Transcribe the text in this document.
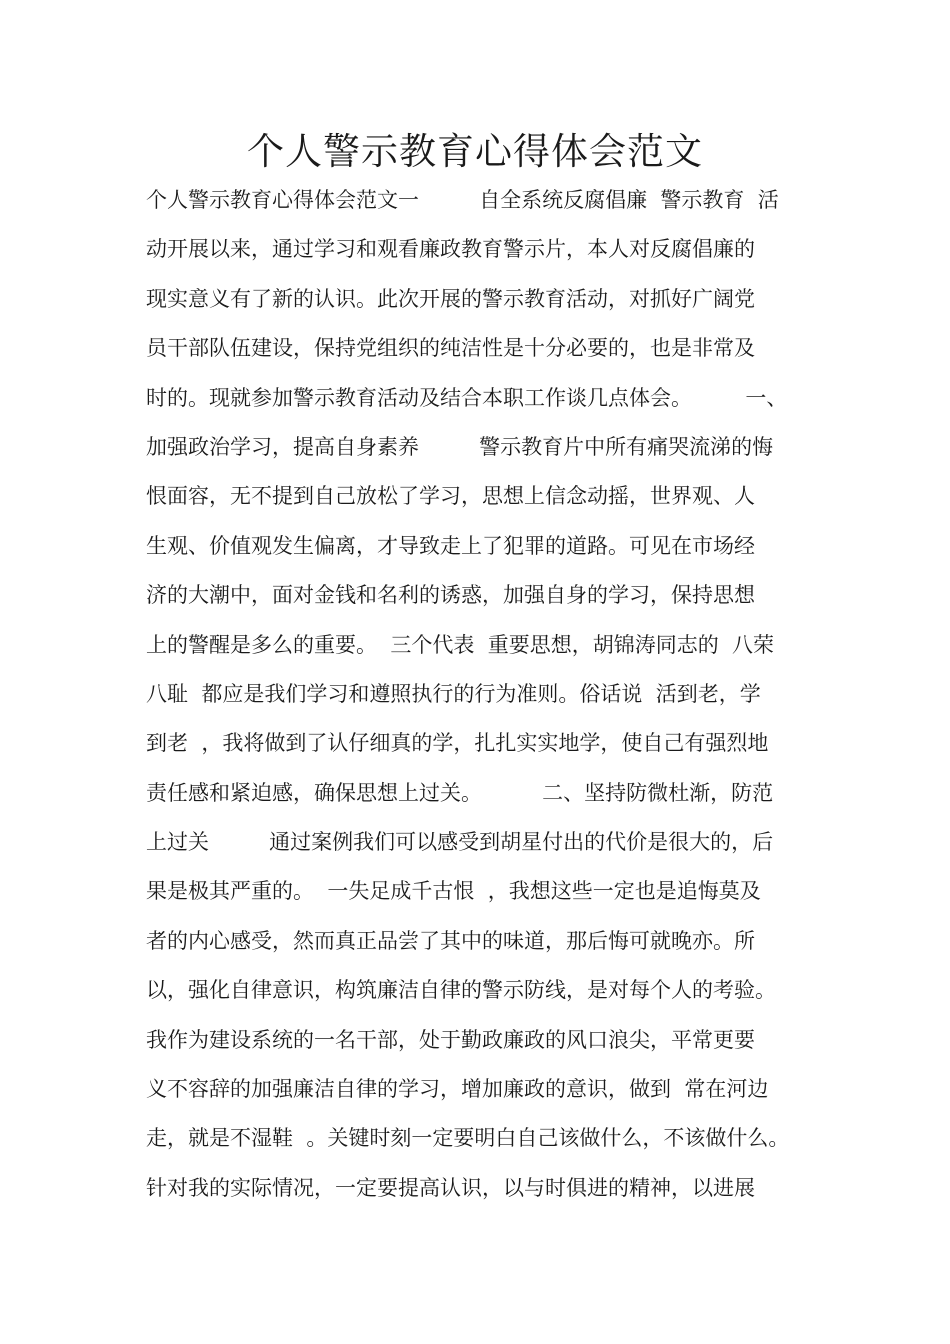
个人警示教育心得体会范文
个人警示教育心得体会范文一         自全系统反腐倡廉  警示教育  活
动开展以来，通过学习和观看廉政教育警示片，本人对反腐倡廉的
现实意义有了新的认识。此次开展的警示教育活动，对抓好广阔党
员干部队伍建设，保持党组织的纯洁性是十分必要的，也是非常及
时的。现就参加警示教育活动及结合本职工作谈几点体会。        一、
加强政治学习，提高自身素养         警示教育片中所有痛哭流涕的悔
恨面容，无不提到自己放松了学习，思想上信念动摇，世界观、人
生观、价值观发生偏离，才导致走上了犯罪的道路。可见在市场经
济的大潮中，面对金钱和名利的诱惑，加强自身的学习，保持思想
上的警醒是多么的重要。  三个代表  重要思想，胡锦涛同志的  八荣
八耻  都应是我们学习和遵照执行的行为准则。俗话说  活到老，学
到老  ，我将做到了认仔细真的学，扎扎实实地学，使自己有强烈地
责任感和紧迫感，确保思想上过关。         二、坚持防微杜渐，防范
上过关         通过案例我们可以感受到胡星付出的代价是很大的，后
果是极其严重的。  一失足成千古恨  ，我想这些一定也是追悔莫及
者的内心感受，然而真正品尝了其中的味道，那后悔可就晚亦。所
以，强化自律意识，构筑廉洁自律的警示防线，是对每个人的考验。
我作为建设系统的一名干部，处于勤政廉政的风口浪尖，平常更要
义不容辞的加强廉洁自律的学习，增加廉政的意识，做到  常在河边
走，就是不湿鞋  。关键时刻一定要明白自己该做什么，不该做什么。
针对我的实际情况，一定要提高认识，以与时俱进的精神，以进展
